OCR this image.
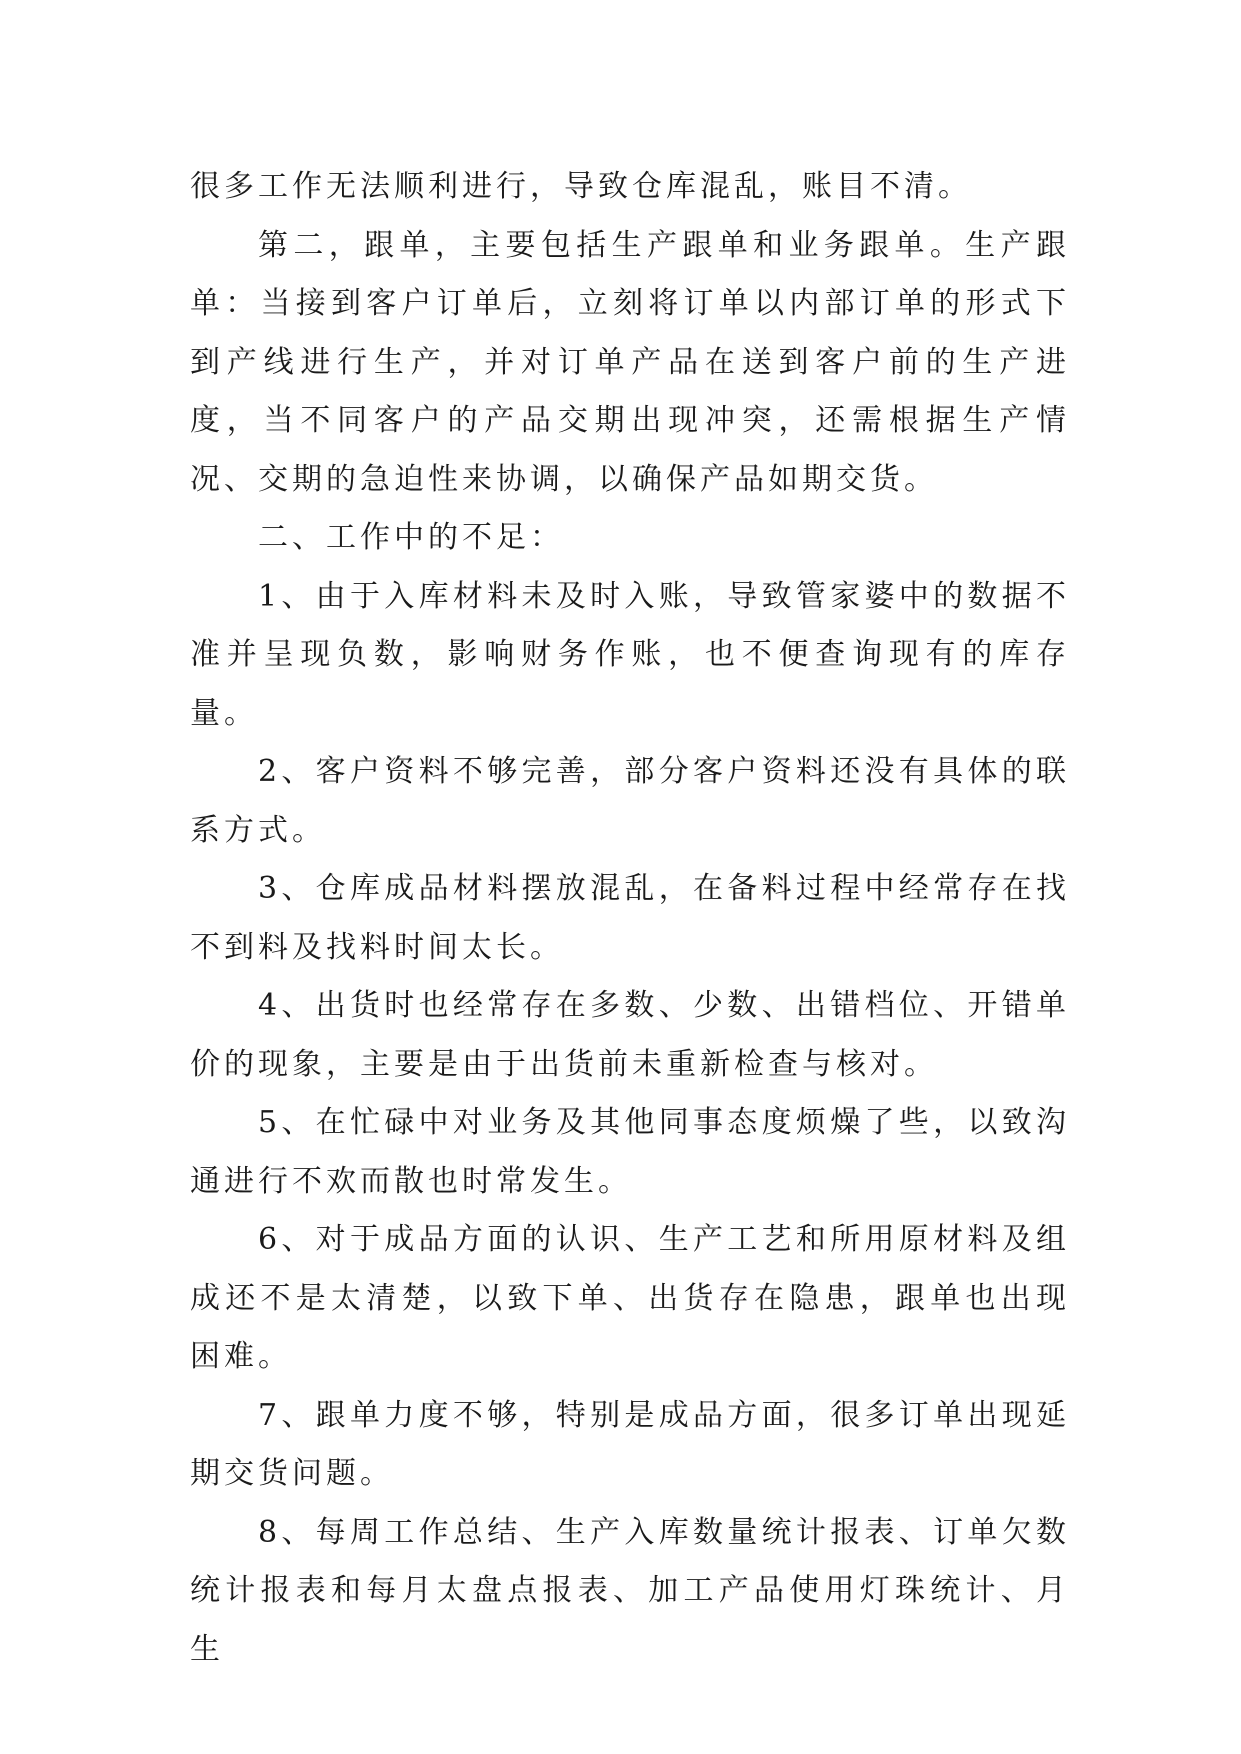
很多工作无法顺利进行，导致仓库混乱，账目不清。

第二，跟单，主要包括生产跟单和业务跟单。生产跟单：当接到客户订单后，立刻将订单以内部订单的形式下到产线进行生产，并对订单产品在送到客户前的生产进度，当不同客户的产品交期出现冲突，还需根据生产情况、交期的急迫性来协调，以确保产品如期交货。

二、工作中的不足：

1、由于入库材料未及时入账，导致管家婆中的数据不准并呈现负数，影响财务作账，也不便查询现有的库存量。

2、客户资料不够完善，部分客户资料还没有具体的联系方式。

3、仓库成品材料摆放混乱，在备料过程中经常存在找不到料及找料时间太长。

4、出货时也经常存在多数、少数、出错档位、开错单价的现象，主要是由于出货前未重新检查与核对。

5、在忙碌中对业务及其他同事态度烦燥了些，以致沟通进行不欢而散也时常发生。

6、对于成品方面的认识、生产工艺和所用原材料及组成还不是太清楚，以致下单、出货存在隐患，跟单也出现困难。

7、跟单力度不够，特别是成品方面，很多订单出现延期交货问题。

8、每周工作总结、生产入库数量统计报表、订单欠数统计报表和每月太盘点报表、加工产品使用灯珠统计、月生
